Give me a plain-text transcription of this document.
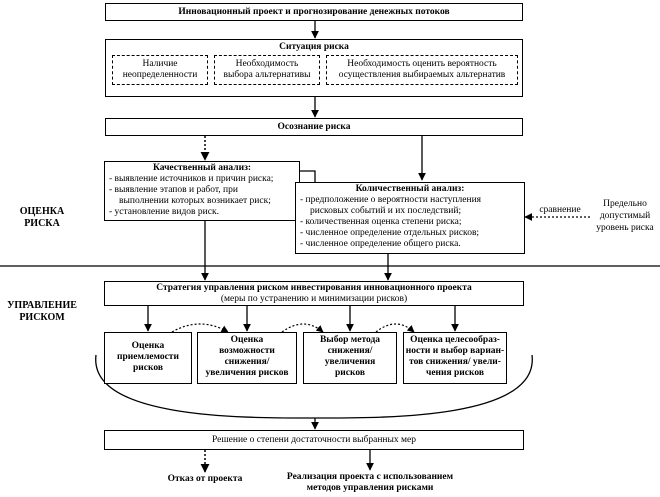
Инновационный проект и прогнозирование денежных потоков
Ситуация риска
Наличие
неопределенности
Необходимость
выбора альтернативы
Необходимость оценить вероятность
осуществления выбираемых альтернатив
Осознание риска
Качественный анализ:
- выявление источников и причин риска;
- выявление этапов и работ, при
выполнении которых возникает риск;
- установление видов риск.
Количественный анализ:
- предположение о вероятности наступления
рисковых событий и их последствий;
- количественная оценка степени риска;
- численное определение отдельных рисков;
- численное определение общего риска.
сравнение
Предельно
допустимый
уровень риска
ОЦЕНКА
РИСКА
УПРАВЛЕНИЕ
РИСКОМ
Стратегия управления риском инвестирования инновационного проекта
(меры по устранению и минимизации рисков)
Оценка
приемлемости
рисков
Оценка
возможности
снижения/
увеличения рисков
Выбор метода
снижения/
увеличения
рисков
Оценка целесообраз-
ности и выбор вариан-
тов снижения/ увели-
чения рисков
Решение о степени достаточности выбранных мер
Отказ от проекта	Реализация проекта с использованием
методов управления рисками
